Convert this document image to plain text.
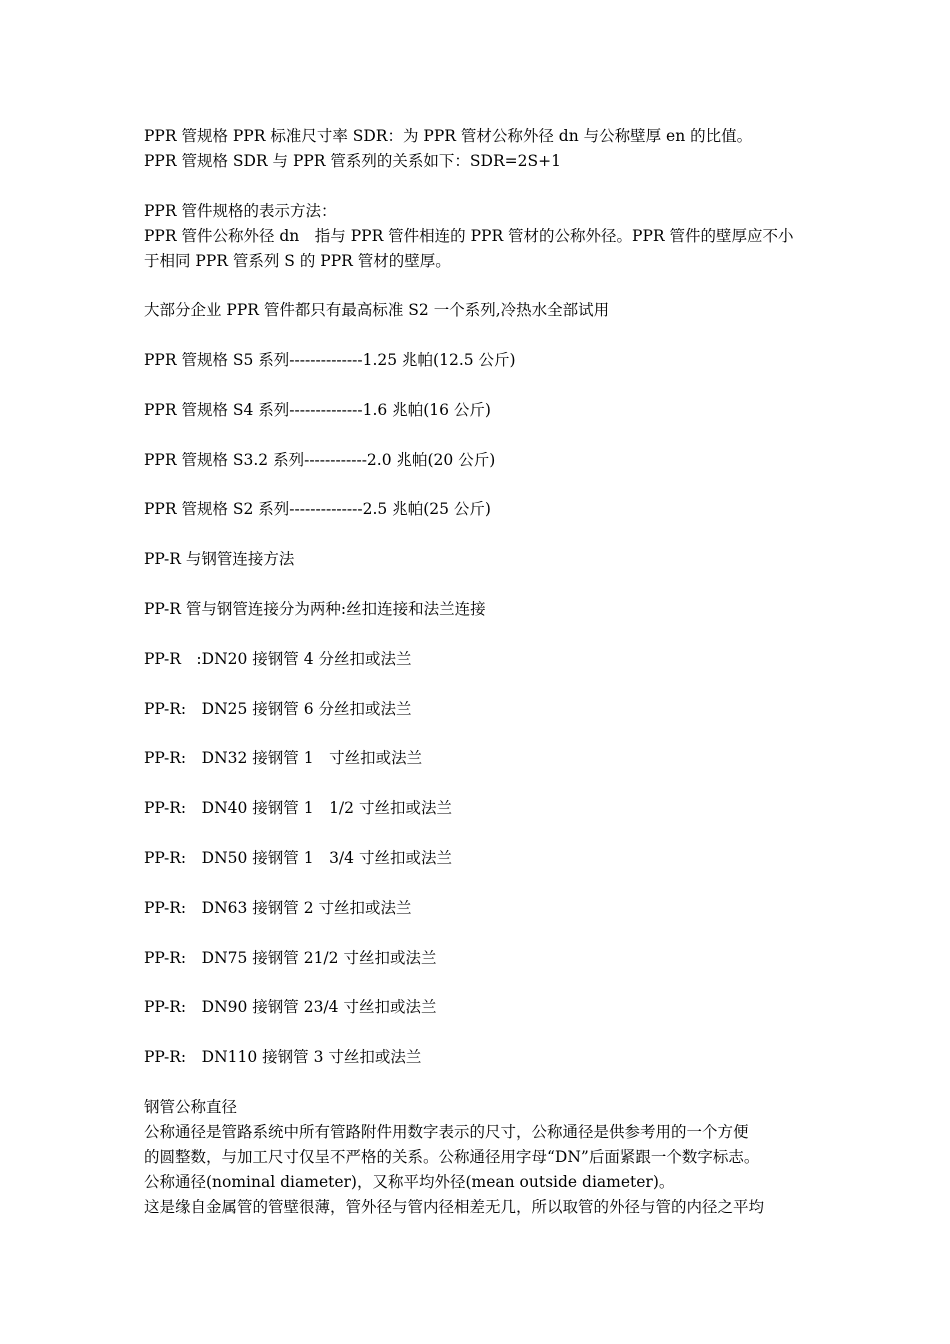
PPR 管规格 PPR 标准尺寸率 SDR：为 PPR 管材公称外径 dn 与公称壁厚 en 的比值。
PPR 管规格 SDR 与 PPR 管系列的关系如下：SDR=2S+1
PPR 管件规格的表示方法：
PPR 管件公称外径 dn　指与 PPR 管件相连的 PPR 管材的公称外径。PPR 管件的壁厚应不小
于相同 PPR 管系列 S 的 PPR 管材的壁厚。
大部分企业 PPR 管件都只有最高标准 S2 一个系列,冷热水全部试用
PPR 管规格 S5 系列--------------1.25 兆帕(12.5 公斤)
PPR 管规格 S4 系列--------------1.6 兆帕(16 公斤)
PPR 管规格 S3.2 系列------------2.0 兆帕(20 公斤)
PPR 管规格 S2 系列--------------2.5 兆帕(25 公斤)
PP-R 与钢管连接方法
PP-R 管与钢管连接分为两种:丝扣连接和法兰连接
PP-R　:DN20 接钢管 4 分丝扣或法兰
PP-R:　DN25 接钢管 6 分丝扣或法兰
PP-R:　DN32 接钢管 1　寸丝扣或法兰
PP-R:　DN40 接钢管 1　1/2 寸丝扣或法兰
PP-R:　DN50 接钢管 1　3/4 寸丝扣或法兰
PP-R:　DN63 接钢管 2 寸丝扣或法兰
PP-R:　DN75 接钢管 21/2 寸丝扣或法兰
PP-R:　DN90 接钢管 23/4 寸丝扣或法兰
PP-R:　DN110 接钢管 3 寸丝扣或法兰
钢管公称直径
公称通径是管路系统中所有管路附件用数字表示的尺寸，公称通径是供参考用的一个方便
的圆整数，与加工尺寸仅呈不严格的关系。公称通径用字母“DN”后面紧跟一个数字标志。
公称通径(nominal diameter)，又称平均外径(mean outside diameter)。
这是缘自金属管的管壁很薄，管外径与管内径相差无几，所以取管的外径与管的内径之平均
